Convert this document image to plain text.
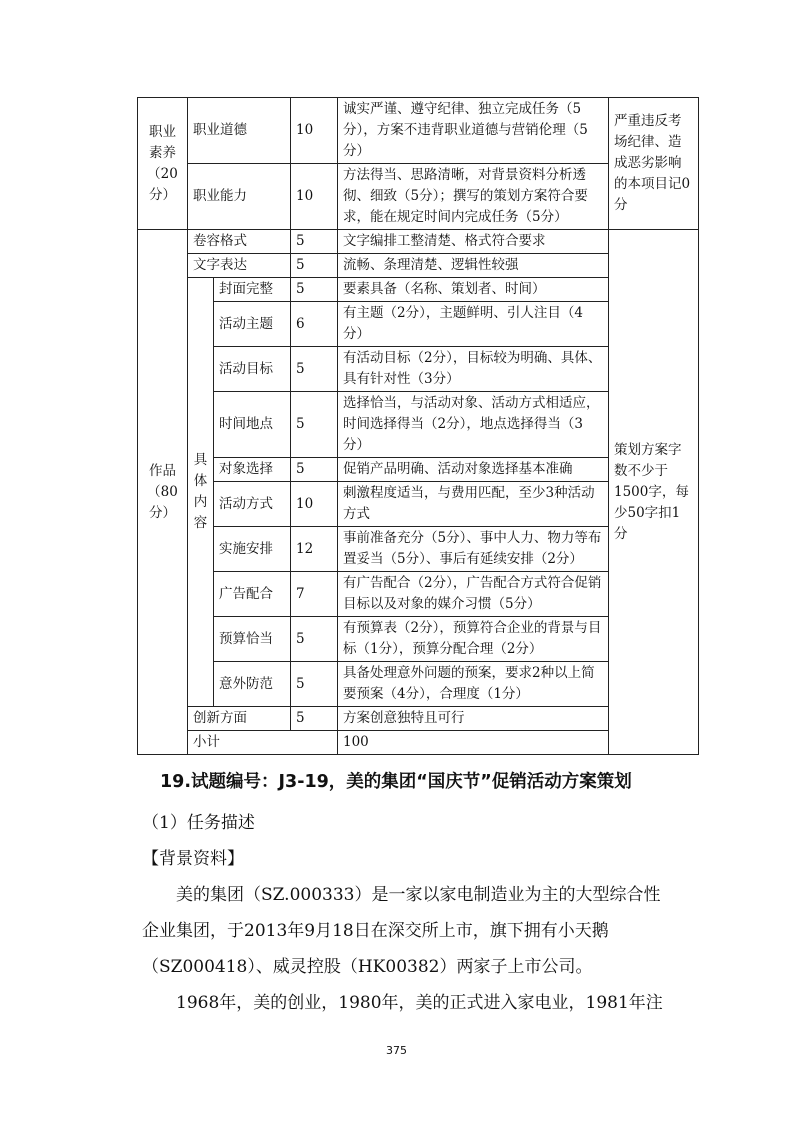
职业素养（20分）	职业道德		10	诚实严谨、遵守纪律、独立完成任务（5分），方案不违背职业道德与营销伦理（5分）	严重违反考场纪律、造成恶劣影响的本项目记0分	
	职业能力		10	方法得当、思路清晰，对背景资料分析透彻、细致（5分）；撰写的策划方案符合要求，能在规定时间内完成任务（5分）		
作品（80分）	卷容格式		5	文字编排工整清楚、格式符合要求	策划方案字数不少于1500字，每少50字扣1分	
	文字表达		5	流畅、条理清楚、逻辑性较强		
	具体内容	封面完整	5	要素具备（名称、策划者、时间）		
		活动主题	6	有主题（2分），主题鲜明、引人注目（4分）		
		活动目标	5	有活动目标（2分），目标较为明确、具体、具有针对性（3分）		
		时间地点	5	选择恰当，与活动对象、活动方式相适应，时间选择得当（2分），地点选择得当（3分）		
		对象选择	5	促销产品明确、活动对象选择基本准确		
		活动方式	10	刺激程度适当，与费用匹配，至少3种活动方式		
		实施安排	12	事前准备充分（5分）、事中人力、物力等布置妥当（5分）、事后有延续安排（2分）		
		广告配合	7	有广告配合（2分），广告配合方式符合促销目标以及对象的媒介习惯（5分）		
		预算恰当	5	有预算表（2分），预算符合企业的背景与目标（1分），预算分配合理（2分）		
		意外防范	5	具备处理意外问题的预案，要求2种以上简要预案（4分），合理度（1分）		
	创新方面		5	方案创意独特且可行		
	小计			100		
19.试题编号：J3-19，美的集团“国庆节”促销活动方案策划
（1）任务描述
【背景资料】
美的集团（SZ.000333）是一家以家电制造业为主的大型综合性企业集团，于2013年9月18日在深交所上市，旗下拥有小天鹅（SZ000418）、威灵控股（HK00382）两家子上市公司。
1968年，美的创业，1980年，美的正式进入家电业，1981年注
375
